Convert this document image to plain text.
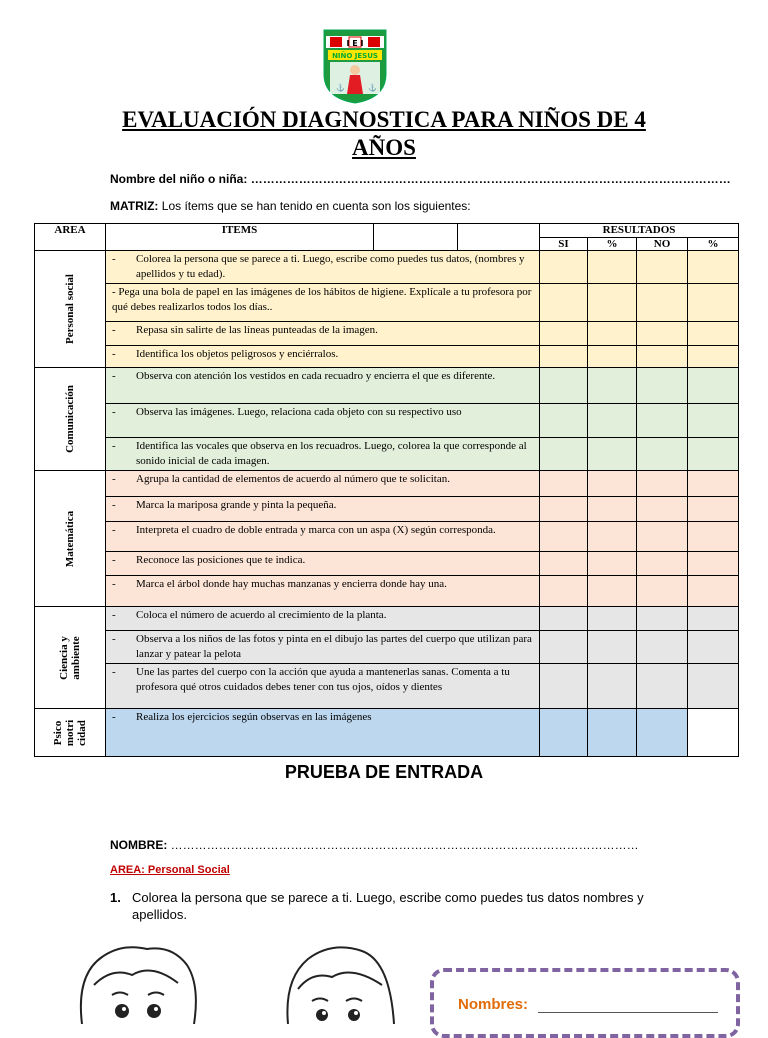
I E I
NIÑO JESUS
⚓	⚓
EVALUACIÓN DIAGNOSTICA PARA NIÑOS DE 4
AÑOS
Nombre del niño o niña: …………………………………………………………………………………………………………
MATRIZ: Los ítems que se han tenido en cuenta son los siguientes:
AREA	ITEMS			RESULTADOS			
				SI	%	NO	%
Personal social	- Colorea la persona que se parece a ti. Luego, escribe como puedes tus datos, (nombres y apellidos y tu edad).						
	- Pega una bola de papel en las imágenes de los hábitos de higiene. Explícale a tu profesora por qué debes realizarlos todos los días..						

	- Repasa sin salirte de las líneas punteadas de la imagen.						

	- Identifica los objetos peligrosos y enciérralos.						
Comunicación	- Observa con atención los vestidos en cada recuadro y encierra el que es diferente.						

	- Observa las imágenes. Luego, relaciona cada objeto con su respectivo uso						

	- Identifica las vocales que observa en los recuadros. Luego, colorea la que corresponde al sonido inicial de cada imagen.						
Matemática	- Agrupa la cantidad de elementos de acuerdo al número que te solicitan.						

	- Marca la mariposa grande y pinta la pequeña.						

	- Interpreta el cuadro de doble entrada y marca con un aspa (X) según corresponda.						

	- Reconoce las posiciones que te indica.						

	- Marca el árbol donde hay muchas manzanas y encierra donde hay una.						
Ciencia y
ambiente	- Coloca el número de acuerdo al crecimiento de la planta.						

	- Observa a los niños de las fotos y pinta en el dibujo las partes del cuerpo que utilizan para lanzar y patear la pelota						

	- Une las partes del cuerpo con la acción que ayuda a mantenerlas sanas. Comenta a tu profesora qué otros cuidados debes tener con tus ojos, oídos y dientes						
Psico
motri
cidad	- Realiza los ejercicios según observas en las imágenes						
PRUEBA DE ENTRADA
NOMBRE: ………………………………………………………………………………………………………
AREA: Personal Social
1. Colorea la persona que se parece a ti. Luego, escribe como puedes tus datos nombres y apellidos.
Nombres:
